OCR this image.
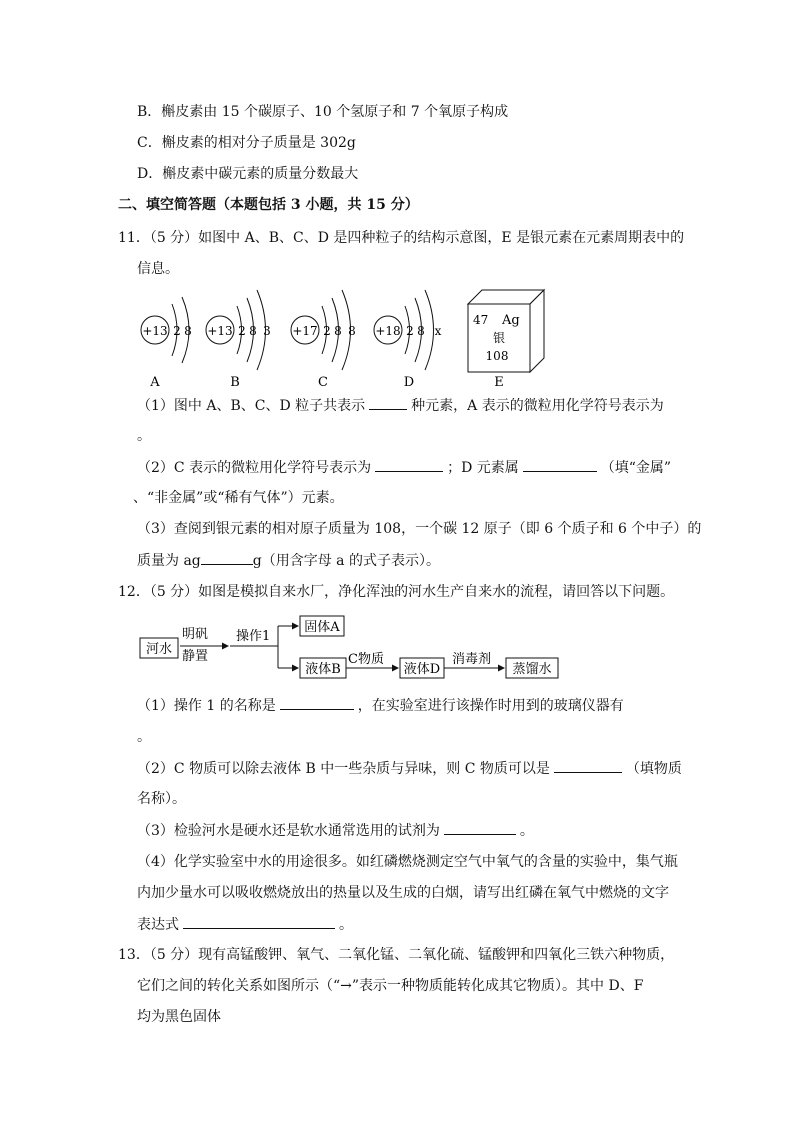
B．槲皮素由 15 个碳原子、10 个氢原子和 7 个氧原子构成
C．槲皮素的相对分子质量是 302g
D．槲皮素中碳元素的质量分数最大
二、填空简答题（本题包括 3 小题，共 15 分）
11．（5 分）如图中 A、B、C、D 是四种粒子的结构示意图，E 是银元素在元素周期表中的
信息。
+13 2 8
A
+13 2 8 3
B
+17 2 8 8
C
+18 2 8 x
D
47 Ag
银
108
E
（1）图中 A、B、C、D 粒子共表示	种元素，A 表示的微粒用化学符号表示为
。
（2）C 表示的微粒用化学符号表示为	；D 元素属	（填“金属”
、“非金属”或“稀有气体”）元素。
（3）查阅到银元素的相对原子质量为 108，一个碳 12 原子（即 6 个质子和 6 个中子）的
质量为 ag	g（用含字母 a 的式子表示）。
12．（5 分）如图是模拟自来水厂，净化浑浊的河水生产自来水的流程，请回答以下问题。
河水
明矾
静置
操作1
固体A
液体B
C物质
液体D
消毒剂
蒸馏水
（1）操作 1 的名称是	，在实验室进行该操作时用到的玻璃仪器有
。
（2）C 物质可以除去液体 B 中一些杂质与异味，则 C 物质可以是	（填物质
名称）。
（3）检验河水是硬水还是软水通常选用的试剂为	。
（4）化学实验室中水的用途很多。如红磷燃烧测定空气中氧气的含量的实验中，集气瓶
内加少量水可以吸收燃烧放出的热量以及生成的白烟，请写出红磷在氧气中燃烧的文字
表达式	。
13．（5 分）现有高锰酸钾、氧气、二氧化锰、二氧化硫、锰酸钾和四氧化三铁六种物质，
它们之间的转化关系如图所示（“→”表示一种物质能转化成其它物质）。其中 D、F
均为黑色固体
